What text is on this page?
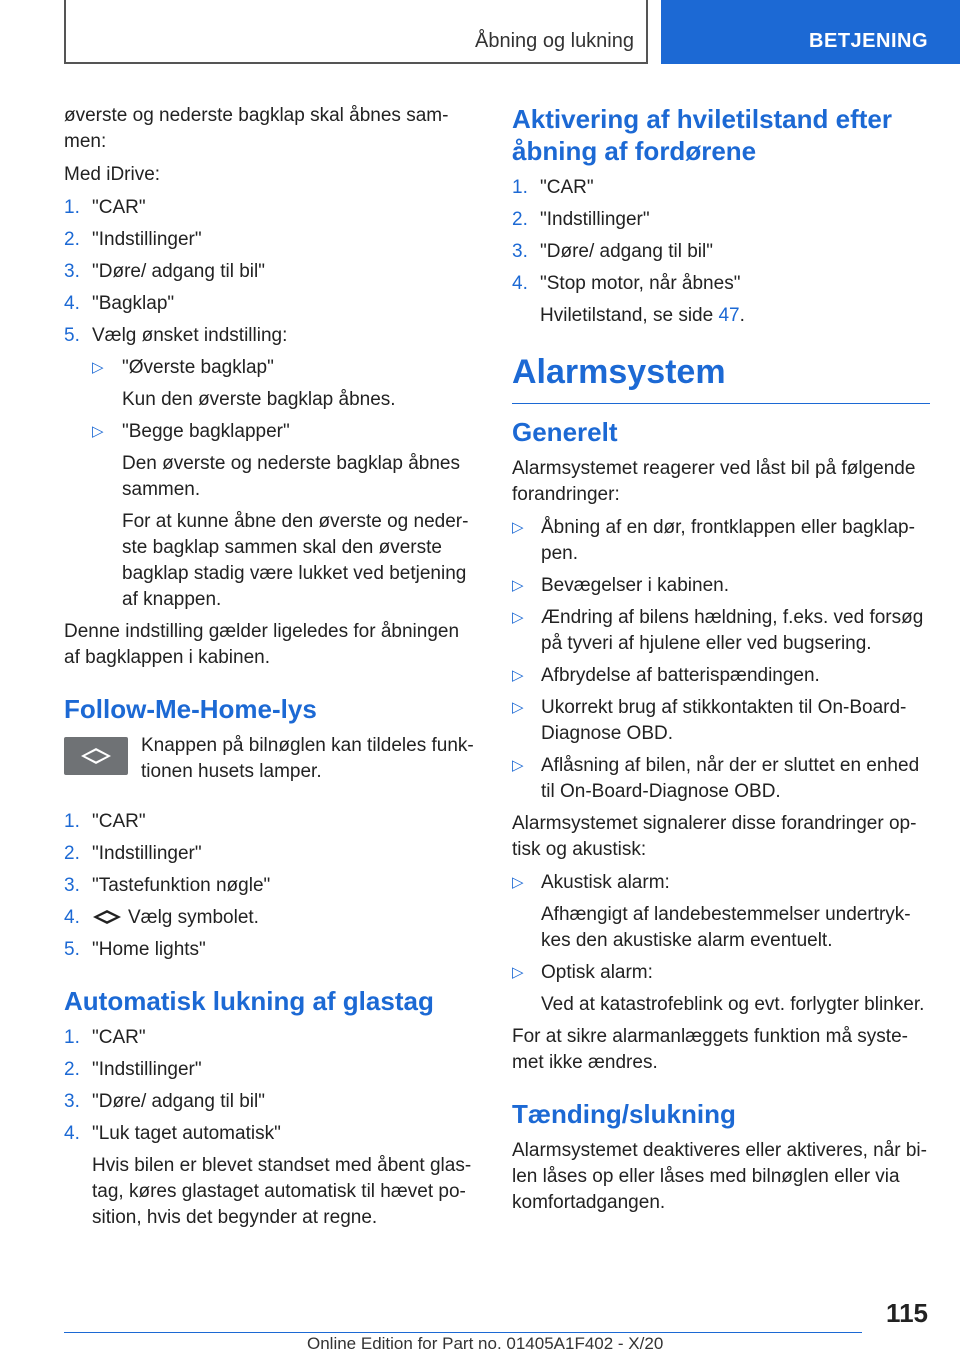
Åbning og lukning	BETJENING

øverste og nederste bagklap skal åbnes sam-
men:

Med iDrive:

1. "CAR"
2. "Indstillinger"
3. "Døre/ adgang til bil"
4. "Bagklap"
5. Vælg ønsket indstilling:
▷ "Øverste bagklap"
Kun den øverste bagklap åbnes.
▷ "Begge bagklapper"
Den øverste og nederste bagklap åbnes sammen.
For at kunne åbne den øverste og neder-ste bagklap sammen skal den øverste bagklap stadig være lukket ved betjening af knappen.

Denne indstilling gælder ligeledes for åbningen af bagklappen i kabinen.

Follow-Me-Home-lys

Knappen på bilnøglen kan tildeles funk-tionen husets lamper.

1. "CAR"
2. "Indstillinger"
3. "Tastefunktion nøgle"
4.	Vælg symbolet.
5. "Home lights"
Automatisk lukning af glastag
1. "CAR"
2. "Indstillinger"
3. "Døre/ adgang til bil"
4. "Luk taget automatisk"
Hvis bilen er blevet standset med åbent glas-tag, køres glastaget automatisk til hævet po-sition, hvis det begynder at regne.
Aktivering af hviletilstand efter åbning af fordørene
1. "CAR"
2. "Indstillinger"
3. "Døre/ adgang til bil"
4. "Stop motor, når åbnes"
Hviletilstand, se side 47.
Alarmsystem
Generelt

Alarmsystemet reagerer ved låst bil på følgende forandringer:

▷ Åbning af en dør, frontklappen eller bagklap-pen.
▷ Bevægelser i kabinen.
▷ Ændring af bilens hældning, f.eks. ved forsøg på tyveri af hjulene eller ved bugsering.
▷ Afbrydelse af batterispændingen.
▷ Ukorrekt brug af stikkontakten til On-Board-Diagnose OBD.
▷ Aflåsning af bilen, når der er sluttet en enhed til On-Board-Diagnose OBD.

Alarmsystemet signalerer disse forandringer op-tisk og akustisk:

▷ Akustisk alarm:
Afhængigt af landebestemmelser undertryk-kes den akustiske alarm eventuelt.
▷ Optisk alarm:
Ved at katastrofeblink og evt. forlygter blinker.

For at sikre alarmanlæggets funktion må syste-met ikke ændres.

Tænding/slukning

Alarmsystemet deaktiveres eller aktiveres, når bi-len låses op eller låses med bilnøglen eller via komfortadgangen.

115
Online Edition for Part no. 01405A1F402 - X/20
